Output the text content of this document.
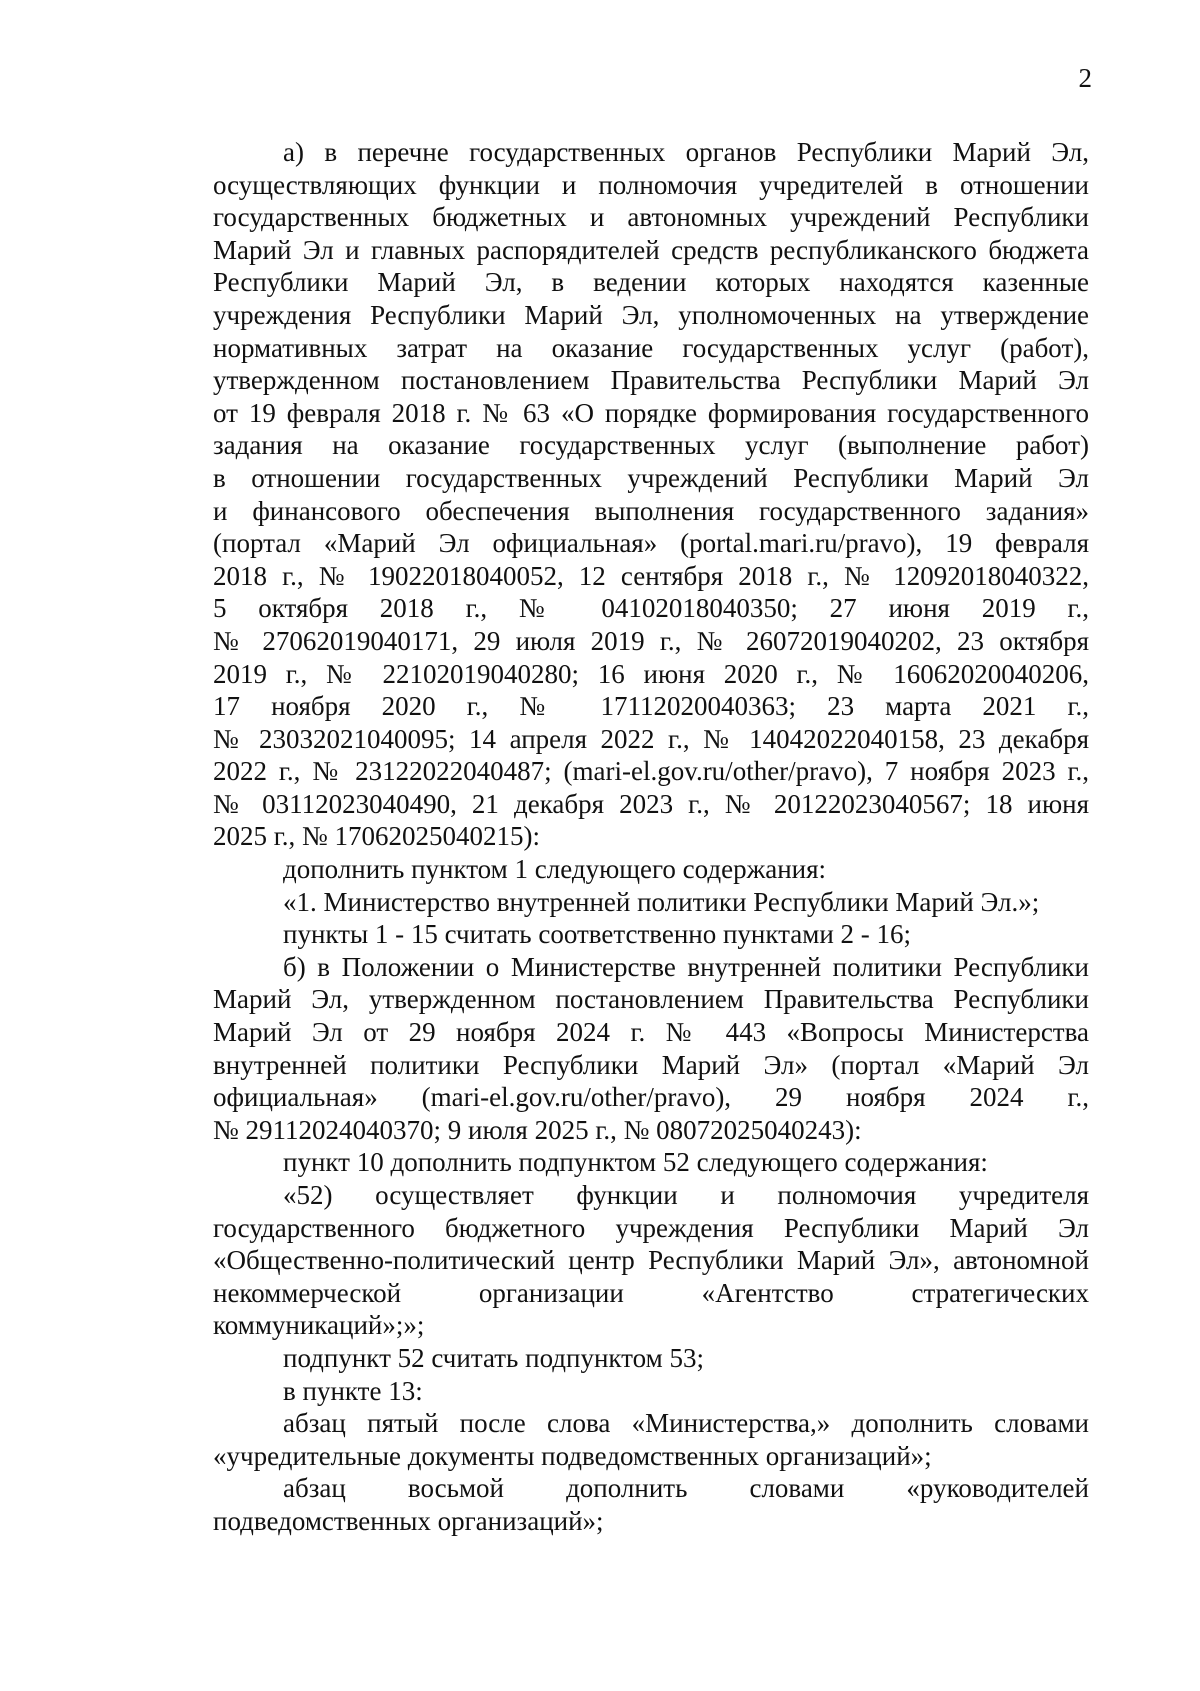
2

а) в перечне государственных органов Республики Марий Эл,

осуществляющих функции и полномочия учредителей в отношении

государственных бюджетных и автономных учреждений Республики

Марий Эл и главных распорядителей средств республиканского бюджета

Республики Марий Эл, в ведении которых находятся казенные

учреждения Республики Марий Эл, уполномоченных на утверждение

нормативных затрат на оказание государственных услуг (работ),

утвержденном постановлением Правительства Республики Марий Эл

от 19 февраля 2018 г. № 63 «О порядке формирования государственного

задания на оказание государственных услуг (выполнение работ)

в отношении государственных учреждений Республики Марий Эл

и финансового обеспечения выполнения государственного задания»

(портал «Марий Эл официальная» (portal.mari.ru/pravo), 19 февраля

2018 г., № 19022018040052, 12 сентября 2018 г., № 12092018040322,

5 октября 2018 г., № 04102018040350; 27 июня 2019 г.,

№ 27062019040171, 29 июля 2019 г., № 26072019040202, 23 октября

2019 г., № 22102019040280; 16 июня 2020 г., № 16062020040206,

17 ноября 2020 г., № 17112020040363; 23 марта 2021 г.,

№ 23032021040095; 14 апреля 2022 г., № 14042022040158, 23 декабря

2022 г., № 23122022040487; (mari-el.gov.ru/other/pravo), 7 ноября 2023 г.,

№ 03112023040490, 21 декабря 2023 г., № 20122023040567; 18 июня

2025 г., № 17062025040215):

дополнить пунктом 1 следующего содержания:

«1. Министерство внутренней политики Республики Марий Эл.»;

пункты 1 - 15 считать соответственно пунктами 2 - 16;

б) в Положении о Министерстве внутренней политики Республики

Марий Эл, утвержденном постановлением Правительства Республики

Марий Эл от 29 ноября 2024 г. № 443 «Вопросы Министерства

внутренней политики Республики Марий Эл» (портал «Марий Эл

официальная» (mari-el.gov.ru/other/pravo), 29 ноября 2024 г.,

№ 29112024040370; 9 июля 2025 г., № 08072025040243):

пункт 10 дополнить подпунктом 52 следующего содержания:

«52) осуществляет функции и полномочия учредителя

государственного бюджетного учреждения Республики Марий Эл

«Общественно-политический центр Республики Марий Эл», автономной

некоммерческой организации «Агентство стратегических

коммуникаций»;»;

подпункт 52 считать подпунктом 53;

в пункте 13:

абзац пятый после слова «Министерства,» дополнить словами

«учредительные документы подведомственных организаций»;

абзац восьмой дополнить словами «руководителей

подведомственных организаций»;
